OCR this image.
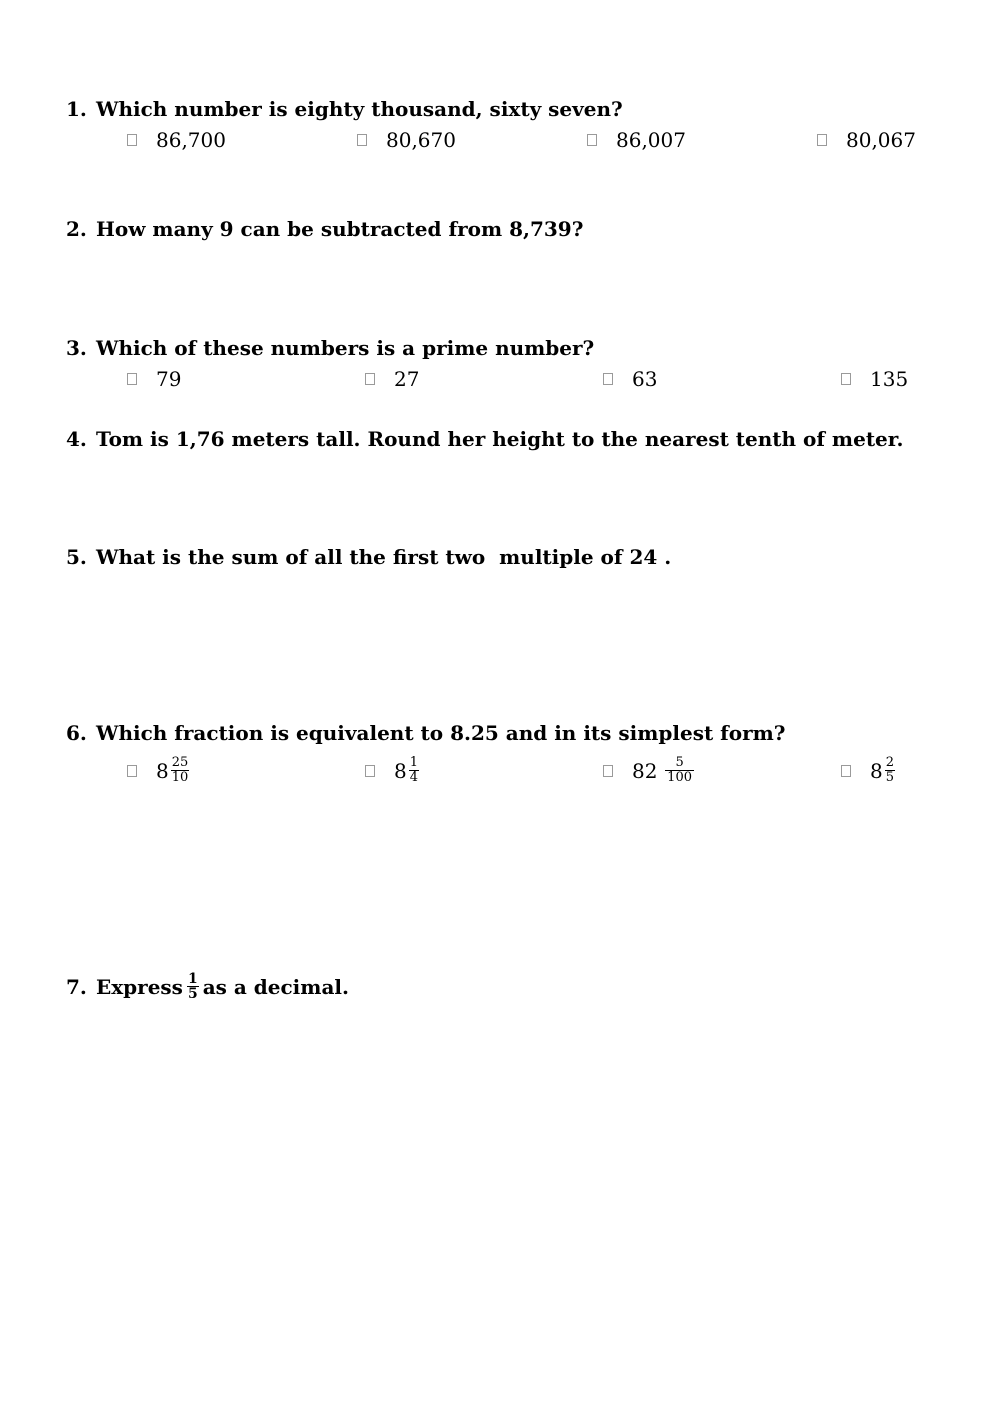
1. Which number is eighty thousand, sixty seven?
86,700	80,670	86,007	80,067
2. How many 9 can be subtracted from 8,739?
3. Which of these numbers is a prime number?
79	27	63	135
4. Tom is 1,76 meters tall. Round her height to the nearest tenth of meter.
5. What is the sum of all the first two  multiple of 24 .
6. Which fraction is equivalent to 8.25 and in its simplest form?
$8 \frac{25}{10}$	$8 \frac{1}{4}$	$82 \frac{5}{100}$	$8 \frac{2}{5}$
7. Express $\frac{1}{5}$ as a decimal.
